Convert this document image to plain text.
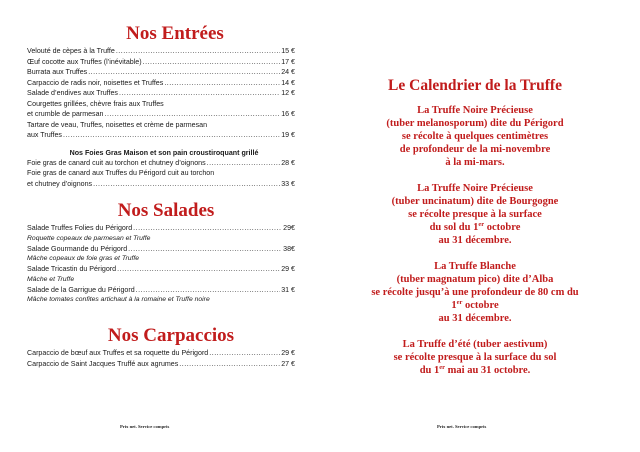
Nos Entrées
Velouté de cèpes à la Truffe .....	15 €
Œuf cocotte aux Truffes (l’inévitable) .....	17 €
Burrata aux Truffes .....	24 €
Carpaccio de radis noir, noisettes et Truffes .....	14 €
Salade d’endives aux Truffes .....	12 €
Courgettes grillées, chèvre frais aux Truffes
et crumble de parmesan .....	16 €
Tartare de veau, Truffes, noisettes et crème de parmesan
aux Truffes .....	19 €
Nos Foies Gras Maison et son pain croustiroquant grillé
Foie gras de canard cuit au torchon et chutney d’oignons .....	28 €
Foie gras de canard aux Truffes du Périgord cuit au torchon
et chutney d’oignons .....	33 €
Nos Salades
Salade Truffes Folies du Périgord .....	29€
Roquette copeaux de parmesan et Truffe
Salade Gourmande du Périgord .....	38€
Mâche copeaux de foie gras et Truffe
Salade Tricastin du Périgord .....	29 €
Mâche et Truffe
Salade de la Garrigue du Périgord .....	31 €
Mâche tomates confites artichaut à la romaine et Truffe noire
Nos Carpaccios
Carpaccio de bœuf aux Truffes et sa roquette du Périgord .....	29 €
Carpaccio de Saint Jacques Truffé aux agrumes .....	27 €
Prix net. Service compris
Le Calendrier de la Truffe
La Truffe Noire Précieuse
(tuber melanosporum) dite du Périgord
se récolte à quelques centimètres
de profondeur de la mi-novembre
à la mi-mars.
La Truffe Noire Précieuse
(tuber uncinatum) dite de Bourgogne
se récolte presque à la surface
du sol du 1er octobre
au 31 décembre.
La Truffe Blanche
(tuber magnatum pico) dite d’Alba
se récolte jusqu’à une profondeur de 80 cm du
1er octobre
au 31 décembre.
La Truffe d’été (tuber aestivum)
se récolte presque à la surface du sol
du 1er mai au 31 octobre.
Prix net. Service compris
